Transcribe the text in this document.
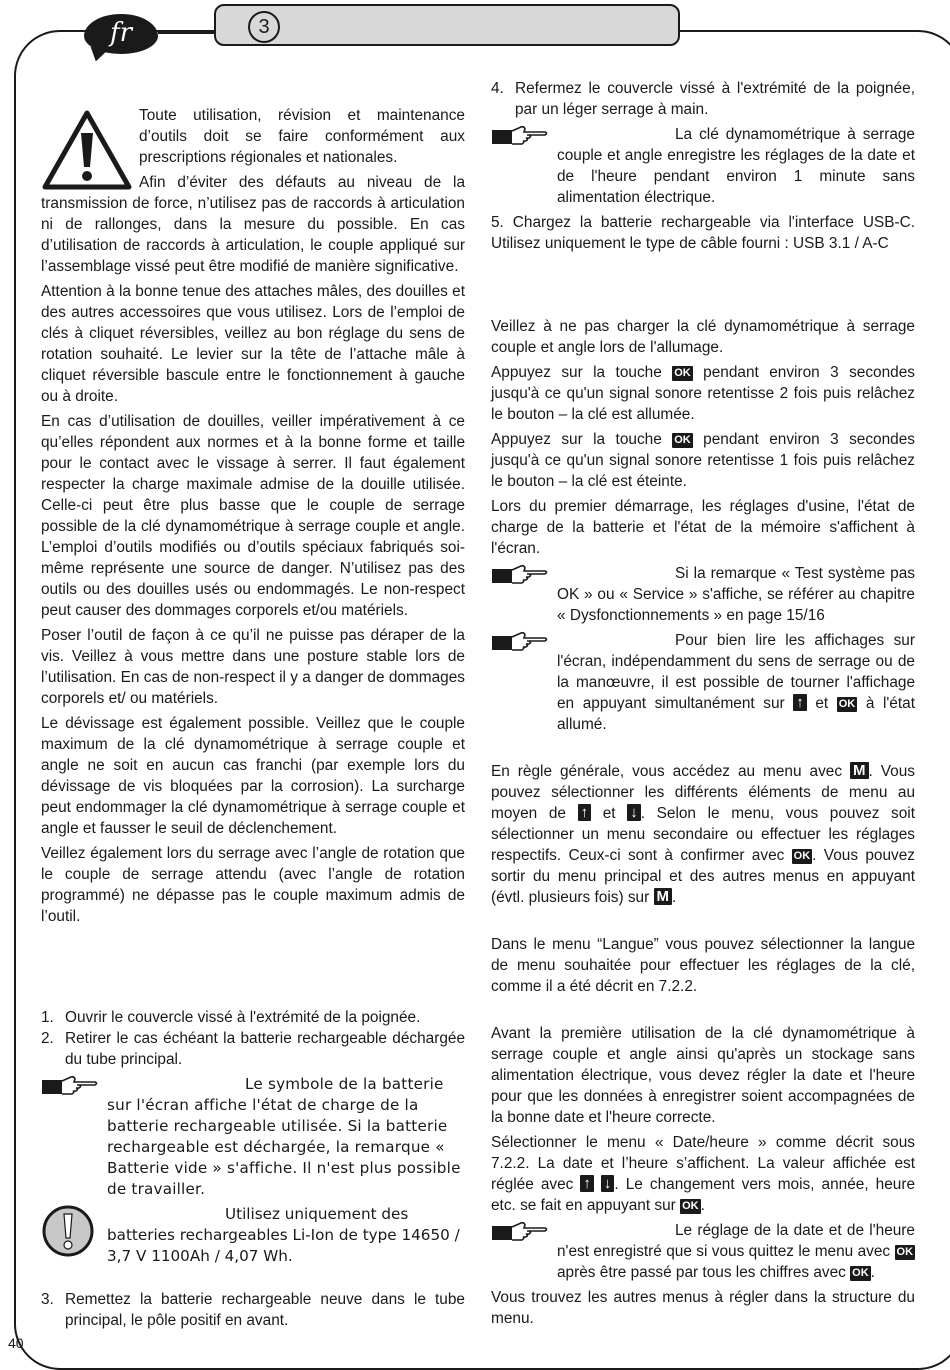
fr	3

Toute utilisation, révision et maintenance d’outils doit se faire conformément aux prescriptions régionales et nationales.

Afin d’éviter des défauts au niveau de la transmission de force, n’utilisez pas de raccords à articulation ni de rallonges, dans la mesure du possible. En cas d’utilisation de raccords à articulation, le couple appliqué sur l’assemblage vissé peut être modifié de manière significative.

Attention à la bonne tenue des attaches mâles, des douilles et des autres accessoires que vous utilisez. Lors de l’emploi de clés à cliquet réversibles, veillez au bon réglage du sens de rotation souhaité. Le levier sur la tête de l’attache mâle à cliquet réversible bascule entre le fonctionnement à gauche ou à droite.

En cas d’utilisation de douilles, veiller impérativement à ce qu’elles répondent aux normes et à la bonne forme et taille pour le contact avec le vissage à serrer. Il faut également respecter la charge maximale admise de la douille utilisée. Celle-ci peut être plus basse que le couple de serrage possible de la clé dynamométrique à serrage couple et angle. L’emploi d’outils modifiés ou d’outils spéciaux fabriqués soi-même représente une source de danger. N’utilisez pas des outils ou des douilles usés ou endommagés. Le non-respect peut causer des dommages corporels et/ou matériels.

Poser l’outil de façon à ce qu’il ne puisse pas déraper de la vis. Veillez à vous mettre dans une posture stable lors de l’utilisation. En cas de non-respect il y a danger de dommages corporels et/ ou matériels.

Le dévissage est également possible. Veillez que le couple maximum de la clé dynamométrique à serrage couple et angle ne soit en aucun cas franchi (par exemple lors du dévissage de vis bloquées par la corrosion). La surcharge peut endommager la clé dynamométrique à serrage couple et angle et fausser le seuil de déclenchement.

Veillez également lors du serrage avec l’angle de rotation que le couple de serrage attendu (avec l’angle de rotation programmé) ne dépasse pas le couple maximum admis de l’outil.

1. Ouvrir le couvercle vissé à l'extrémité de la poignée.
2. Retirer le cas échéant la batterie rechargeable déchargée du tube principal.
Le symbole de la batterie sur l'écran affiche l'état de charge de la batterie rechargeable utilisée. Si la batterie rechargeable est déchargée, la remarque « Batterie vide » s'affiche. Il n'est plus possible de travailler.
Utilisez uniquement des batteries rechargeables Li-Ion de type 14650 / 3,7 V 1100Ah / 4,07 Wh.
3. Remettez la batterie rechargeable neuve dans le tube principal, le pôle positif en avant.
4. Refermez le couvercle vissé à l'extrémité de la poignée, par un léger serrage à main.
La clé dynamométrique à serrage couple et angle enregistre les réglages de la date et de l'heure pendant environ 1 minute sans alimentation électrique.

5. Chargez la batterie rechargeable via l'interface USB-C. Utilisez uniquement le type de câble fourni : USB 3.1 / A-C

Veillez à ne pas charger la clé dynamométrique à serrage couple et angle lors de l'allumage.

Appuyez sur la touche OK pendant environ 3 secondes jusqu'à ce qu'un signal sonore retentisse 2 fois puis relâchez le bouton – la clé est allumée.

Appuyez sur la touche OK pendant environ 3 secondes jusqu'à ce qu'un signal sonore retentisse 1 fois puis relâchez le bouton – la clé est éteinte.

Lors du premier démarrage, les réglages d'usine, l'état de charge de la batterie et l'état de la mémoire s'affichent à l'écran.

Si la remarque « Test système pas OK » ou « Service » s'affiche, se référer au chapitre « Dysfonctionnements » en page 15/16
Pour bien lire les affichages sur l'écran, indépendamment du sens de serrage ou de la manœuvre, il est possible de tourner l'affichage en appuyant simultanément sur ↑ et OK à l'état allumé.

En règle générale, vous accédez au menu avec M . Vous pouvez sélectionner les différents éléments de menu au moyen de ↑ et ↓ . Selon le menu, vous pouvez soit sélectionner un menu secondaire ou effectuer les réglages respectifs. Ceux-ci sont à confirmer avec OK . Vous pouvez sortir du menu principal et des autres menus en appuyant (évtl. plusieurs fois) sur M .

Dans le menu “Langue” vous pouvez sélectionner la langue de menu souhaitée pour effectuer les réglages de la clé, comme il a été décrit en 7.2.2.

Avant la première utilisation de la clé dynamométrique à serrage couple et angle ainsi qu'après un stockage sans alimentation électrique, vous devez régler la date et l'heure pour que les données à enregistrer soient accompagnées de la bonne date et l'heure correcte.

Sélectionner le menu « Date/heure » comme décrit sous 7.2.2. La date et l’heure s’affichent. La valeur affichée est réglée avec ↑ ↓ . Le changement vers mois, année, heure etc. se fait en appuyant sur OK .

Le réglage de la date et de l'heure n'est enregistré que si vous quittez le menu avec OK après être passé par tous les chiffres avec OK .

Vous trouvez les autres menus à régler dans la structure du menu.

40
